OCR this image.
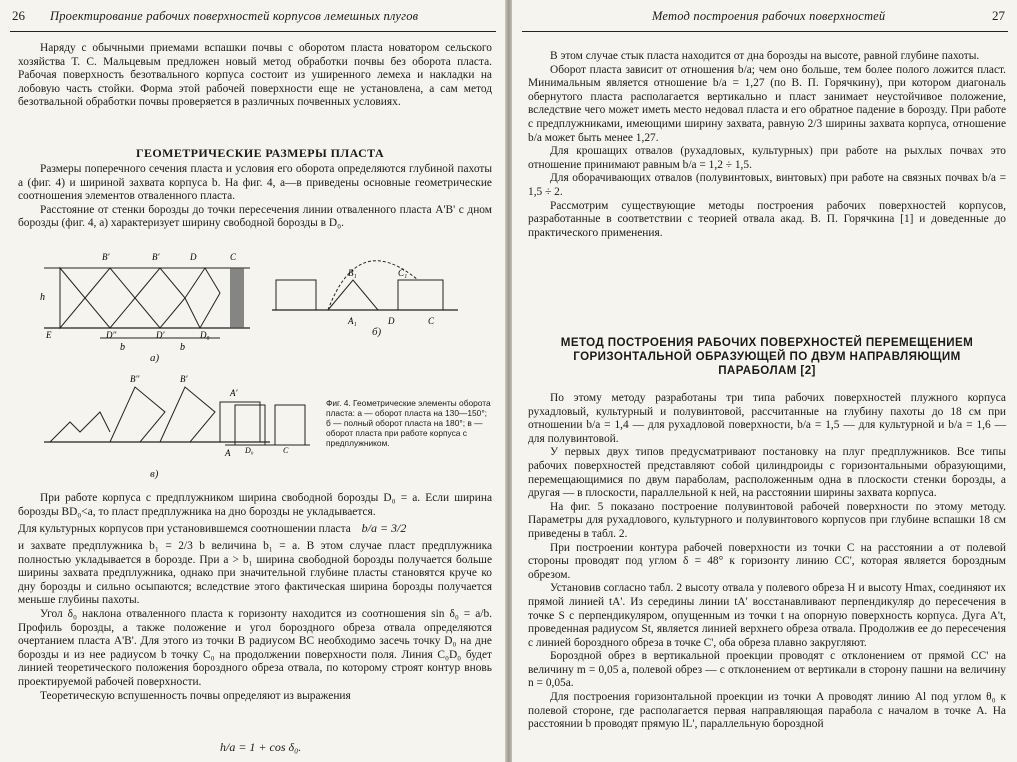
26 Проектирование рабочих поверхностей корпусов лемешных плугов

Наряду с обычными приемами вспашки почвы с оборотом пласта новатором сельского хозяйства Т. С. Мальцевым предложен новый метод обработки почвы без оборота пласта. Рабочая поверхность безотвального корпуса состоит из уширенного лемеха и накладки на лобовую часть стойки. Форма этой рабочей поверхности еще не установлена, а сам метод безотвальной обработки почвы проверяется в различных почвенных условиях.

ГЕОМЕТРИЧЕСКИЕ РАЗМЕРЫ ПЛАСТА

Размеры поперечного сечения пласта и условия его оборота определяются глубиной пахоты a (фиг. 4) и шириной захвата корпуса b. На фиг. 4, а—в приведены основные геометрические соотношения элементов отваленного пласта.

Расстояние от стенки борозды до точки пересечения линии отваленного пласта A'B' с дном борозды (фиг. 4, а) характеризует ширину свободной борозды в D₀.

b	b
h
B'	B'	D	C
E	D''	D'	D₀
а)
B₁	C₁
A₁	D	C
б)
B''	B'
A'
A D₀	C
в)
Фиг. 4. Геометрические элементы оборота пласта: а — оборот пласта на 130—150°; б — полный оборот пласта на 180°; в — оборот пласта при работе корпуса с предплужником.

При работе корпуса с предплужником ширина свободной борозды D₀ = a. Если ширина борозды BD₀<a, то пласт предплужника на дно борозды не укладывается.

Для культурных корпусов при установившемся соотношении пласта b/a = 3/2

и захвате предплужника b₁ = 2/3 b величина b₁ = a. В этом случае пласт предплужника полностью укладывается в борозде. При a > b₁ ширина свободной борозды получается больше ширины захвата предплужника, однако при значительной глубине пласты становятся круче ко дну борозды и сильно осыпаются; вследствие этого фактическая ширина борозды получается меньше глубины пахоты.

Угол δ₀ наклона отваленного пласта к горизонту находится из соотношения sin δ₀ = a/b. Профиль борозды, а также положение и угол бороздного обреза отвала определяются очертанием пласта A'B'. Для этого из точки B радиусом BC необходимо засечь точку D₀ на дне борозды и из нее радиусом b точку C₀ на продолжении поверхности поля. Линия C₀D₀ будет линией теоретического положения бороздного обреза отвала, по которому строят контур вновь проектируемой рабочей поверхности.

Теоретическую вспушенность почвы определяют из выражения

h/a = 1 + cos δ₀.
Метод построения рабочих поверхностей	27

В этом случае стык пласта находится от дна борозды на высоте, равной глубине пахоты.

Оборот пласта зависит от отношения b/a; чем оно больше, тем более полого ложится пласт. Минимальным является отношение b/a = 1,27 (по В. П. Горячкину), при котором диагональ обернутого пласта располагается вертикально и пласт занимает неустойчивое положение, вследствие чего может иметь место недовал пласта и его обратное падение в борозду. При работе с предплужниками, имеющими ширину захвата, равную 2/3 ширины захвата корпуса, отношение b/a может быть менее 1,27.

Для крошащих отвалов (рухадловых, культурных) при работе на рыхлых почвах это отношение принимают равным b/a = 1,2 ÷ 1,5.

Для оборачивающих отвалов (полувинтовых, винтовых) при работе на связных почвах b/a = 1,5 ÷ 2.

Рассмотрим существующие методы построения рабочих поверхностей корпусов, разработанные в соответствии с теорией отвала акад. В. П. Горячкина [1] и доведенные до практического применения.

МЕТОД ПОСТРОЕНИЯ РАБОЧИХ ПОВЕРХНОСТЕЙ ПЕРЕМЕЩЕНИЕМ ГОРИЗОНТАЛЬНОЙ ОБРАЗУЮЩЕЙ ПО ДВУМ НАПРАВЛЯЮЩИМ ПАРАБОЛАМ [2]

По этому методу разработаны три типа рабочих поверхностей плужного корпуса рухадловый, культурный и полувинтовой, рассчитанные на глубину пахоты до 18 см при отношении b/a = 1,4 — для рухадловой поверхности, b/a = 1,5 — для культурной и b/a = 1,6 — для полувинтовой.

У первых двух типов предусматривают постановку на плуг предплужников. Все типы рабочих поверхностей представляют собой цилиндроиды с горизонтальными образующими, перемещающимися по двум параболам, расположенным одна в плоскости стенки борозды, а другая — в плоскости, параллельной к ней, на расстоянии ширины захвата корпуса.

На фиг. 5 показано построение полувинтовой рабочей поверхности по этому методу. Параметры для рухадлового, культурного и полувинтового корпусов при глубине вспашки 18 см приведены в табл. 2.

При построении контура рабочей поверхности из точки C на расстоянии a от полевой стороны проводят под углом δ = 48° к горизонту линию CC', которая является бороздным обрезом.

Установив согласно табл. 2 высоту отвала у полевого обреза H и высоту Hmax, соединяют их прямой линией tA'. Из середины линии tA' восстанавливают перпендикуляр до пересечения в точке S с перпендикуляром, опущенным из точки t на опорную поверхность корпуса. Дуга A't, проведенная радиусом St, является линией верхнего обреза отвала. Продолжив ее до пересечения с линией бороздного обреза в точке C', оба обреза плавно закругляют.

Бороздной обрез в вертикальной проекции проводят с отклонением от прямой CC' на величину m = 0,05 a, полевой обрез — с отклонением от вертикали в сторону пашни на величину n = 0,05a.

Для построения горизонтальной проекции из точки A проводят линию Al под углом θ₀ к полевой стороне, где располагается первая направляющая парабола с началом в точке A. На расстоянии b проводят прямую lL', параллельную бороздной
